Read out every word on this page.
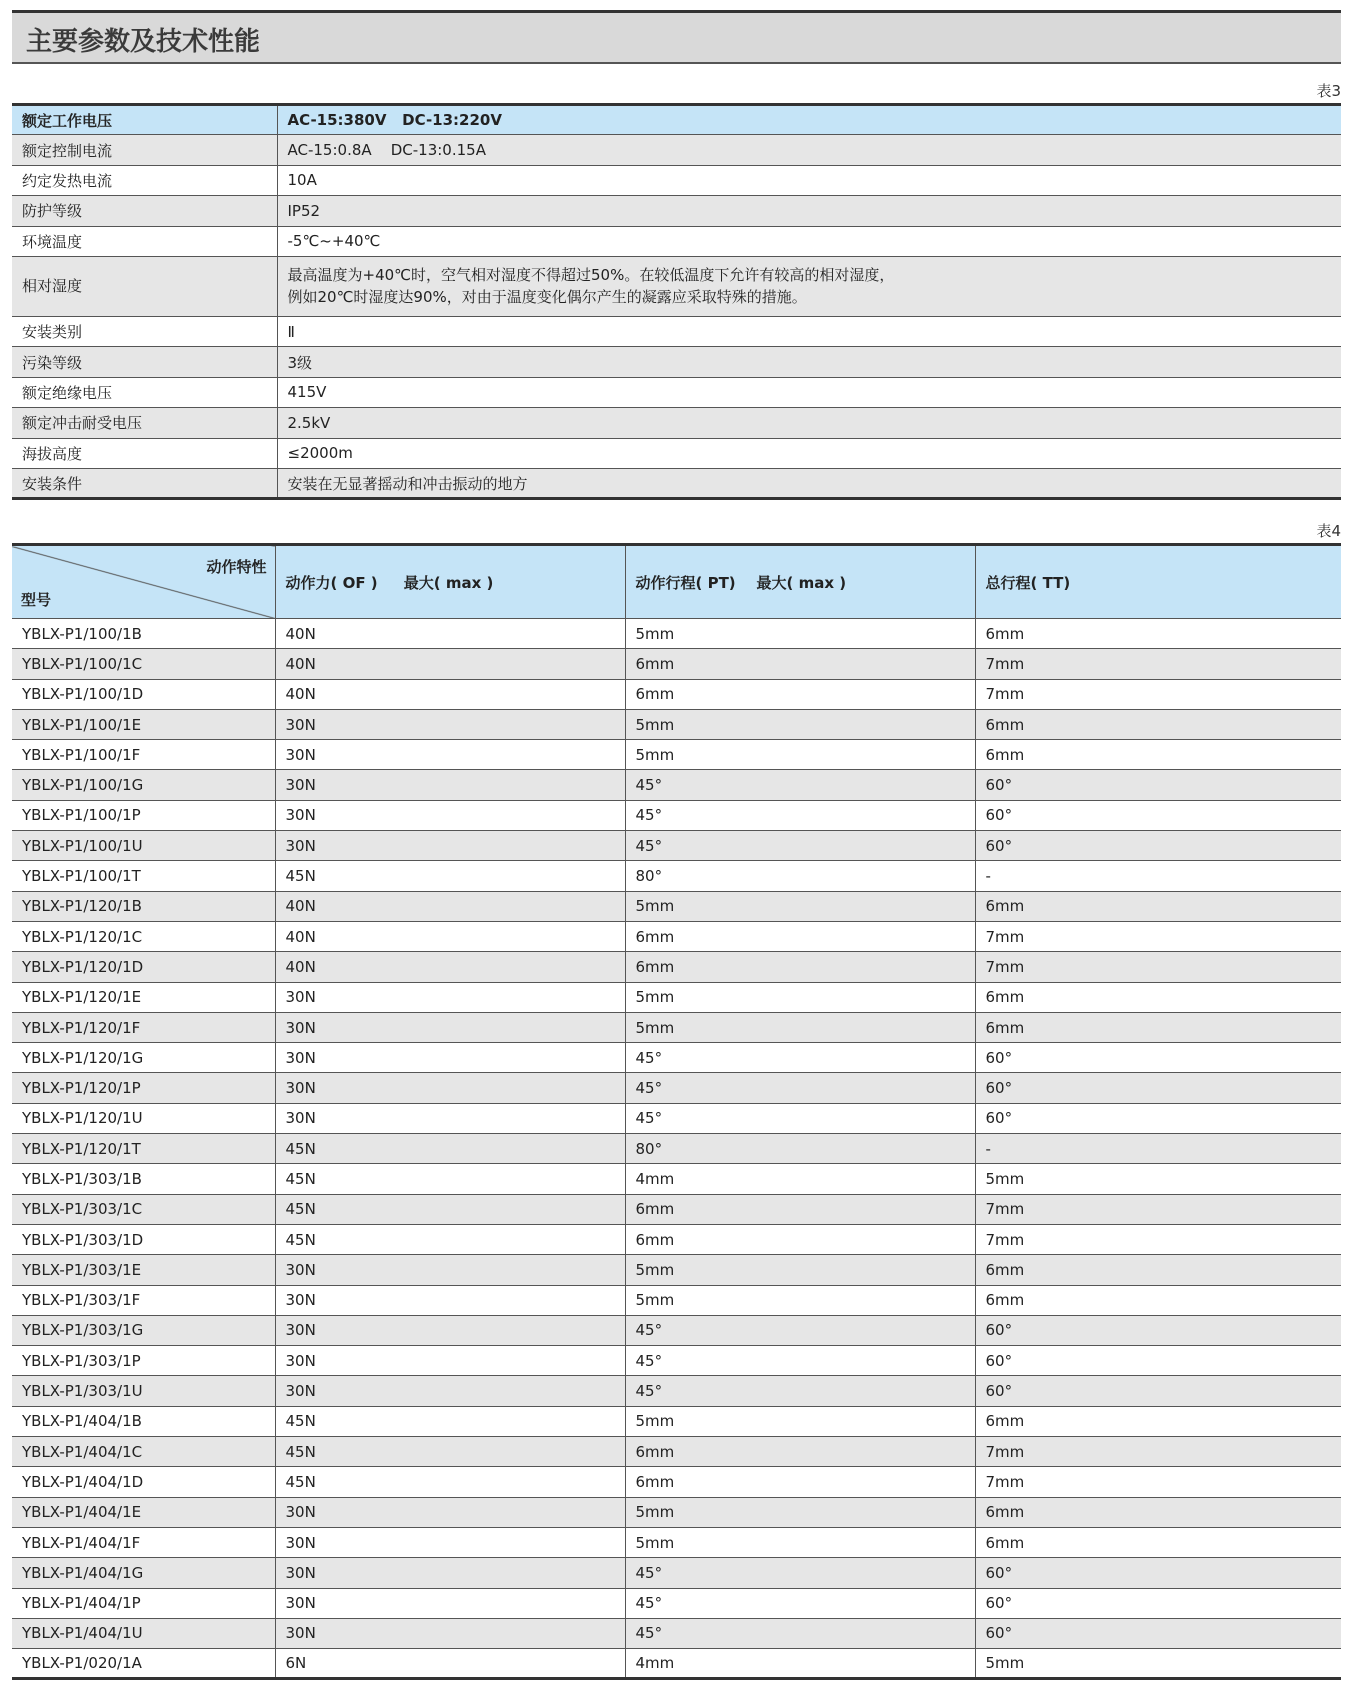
主要参数及技术性能
表3
额定工作电压	AC-15:380V   DC-13:220V
额定控制电流	AC-15:0.8A    DC-13:0.15A
约定发热电流	10A
防护等级	IP52
环境温度	-5℃~+40℃
相对湿度	最高温度为+40℃时，空气相对湿度不得超过50%。在较低温度下允许有较高的相对湿度，
例如20℃时湿度达90%，对由于温度变化偶尔产生的凝露应采取特殊的措施。

安装类别	Ⅱ
污染等级	3级
额定绝缘电压	415V
额定冲击耐受电压	2.5kV
海拔高度	≤2000m
安装条件	安装在无显著摇动和冲击振动的地方
表4

动作特性

型号	动作力( OF )     最大( max )	动作行程( PT)    最大( max )	总行程( TT)
YBLX-P1/100/1B	40N	5mm	6mm
YBLX-P1/100/1C	40N	6mm	7mm
YBLX-P1/100/1D	40N	6mm	7mm
YBLX-P1/100/1E	30N	5mm	6mm
YBLX-P1/100/1F	30N	5mm	6mm
YBLX-P1/100/1G	30N	45°	60°
YBLX-P1/100/1P	30N	45°	60°
YBLX-P1/100/1U	30N	45°	60°
YBLX-P1/100/1T	45N	80°	-
YBLX-P1/120/1B	40N	5mm	6mm
YBLX-P1/120/1C	40N	6mm	7mm
YBLX-P1/120/1D	40N	6mm	7mm
YBLX-P1/120/1E	30N	5mm	6mm
YBLX-P1/120/1F	30N	5mm	6mm
YBLX-P1/120/1G	30N	45°	60°
YBLX-P1/120/1P	30N	45°	60°
YBLX-P1/120/1U	30N	45°	60°
YBLX-P1/120/1T	45N	80°	-
YBLX-P1/303/1B	45N	4mm	5mm
YBLX-P1/303/1C	45N	6mm	7mm
YBLX-P1/303/1D	45N	6mm	7mm
YBLX-P1/303/1E	30N	5mm	6mm
YBLX-P1/303/1F	30N	5mm	6mm
YBLX-P1/303/1G	30N	45°	60°
YBLX-P1/303/1P	30N	45°	60°
YBLX-P1/303/1U	30N	45°	60°
YBLX-P1/404/1B	45N	5mm	6mm
YBLX-P1/404/1C	45N	6mm	7mm
YBLX-P1/404/1D	45N	6mm	7mm
YBLX-P1/404/1E	30N	5mm	6mm
YBLX-P1/404/1F	30N	5mm	6mm
YBLX-P1/404/1G	30N	45°	60°
YBLX-P1/404/1P	30N	45°	60°
YBLX-P1/404/1U	30N	45°	60°
YBLX-P1/020/1A	6N	4mm	5mm
